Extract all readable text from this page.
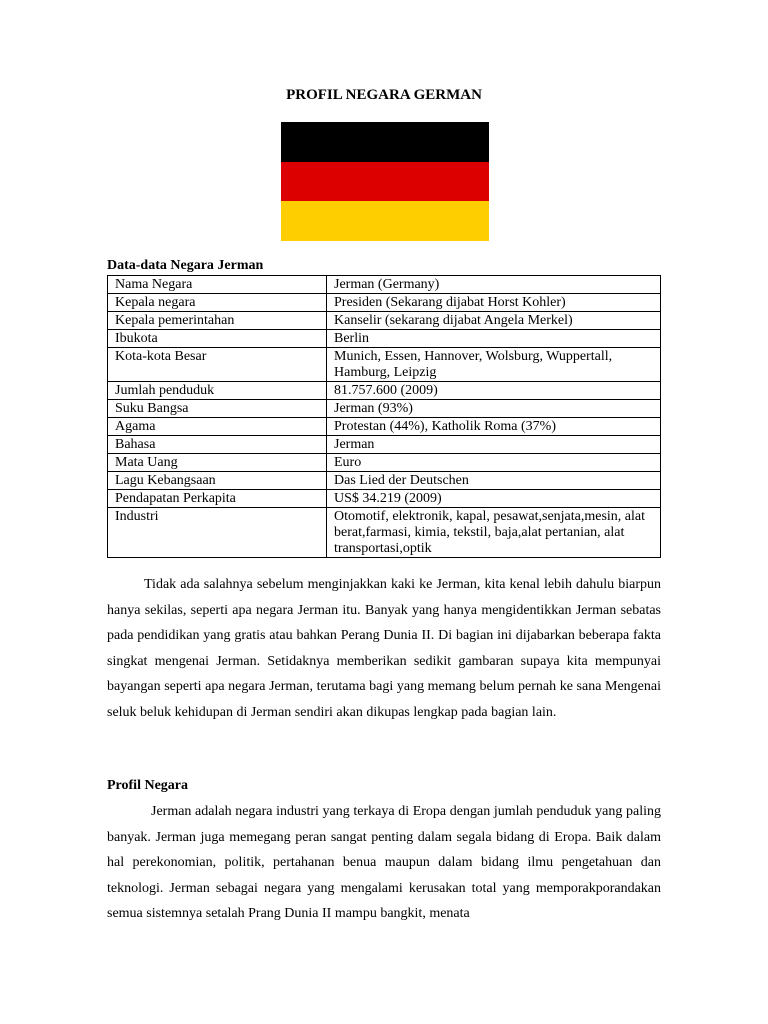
PROFIL NEGARA GERMAN
Data-data Negara Jerman
Nama Negara	Jerman (Germany)
Kepala negara	Presiden (Sekarang dijabat Horst Kohler)
Kepala pemerintahan	Kanselir (sekarang dijabat Angela Merkel)
Ibukota	Berlin
Kota-kota Besar	Munich, Essen, Hannover, Wolsburg, Wuppertall, Hamburg, Leipzig
Jumlah penduduk	81.757.600 (2009)
Suku Bangsa	Jerman (93%)
Agama	Protestan (44%), Katholik Roma (37%)
Bahasa	Jerman
Mata Uang	Euro
Lagu Kebangsaan	Das Lied der Deutschen
Pendapatan Perkapita	US$ 34.219 (2009)
Industri	Otomotif, elektronik, kapal, pesawat,senjata,mesin, alat berat,farmasi, kimia, tekstil, baja,alat pertanian, alat transportasi,optik

Tidak ada salahnya sebelum menginjakkan kaki ke Jerman, kita kenal lebih dahulu biarpun hanya sekilas, seperti apa negara Jerman itu. Banyak yang hanya mengidentikkan Jerman sebatas pada pendidikan yang gratis atau bahkan Perang Dunia II. Di bagian ini dijabarkan beberapa fakta singkat mengenai Jerman. Setidaknya memberikan sedikit gambaran supaya kita mempunyai bayangan seperti apa negara Jerman, terutama bagi yang memang belum pernah ke sana Mengenai seluk beluk kehidupan di Jerman sendiri akan dikupas lengkap pada bagian lain.

Profil Negara

Jerman adalah negara industri yang terkaya di Eropa dengan jumlah penduduk yang paling banyak. Jerman juga memegang peran sangat penting dalam segala bidang di Eropa. Baik dalam hal perekonomian, politik, pertahanan benua maupun dalam bidang ilmu pengetahuan dan teknologi. Jerman sebagai negara yang mengalami kerusakan total yang memporakporandakan semua sistemnya setalah Prang Dunia II mampu bangkit, menata
